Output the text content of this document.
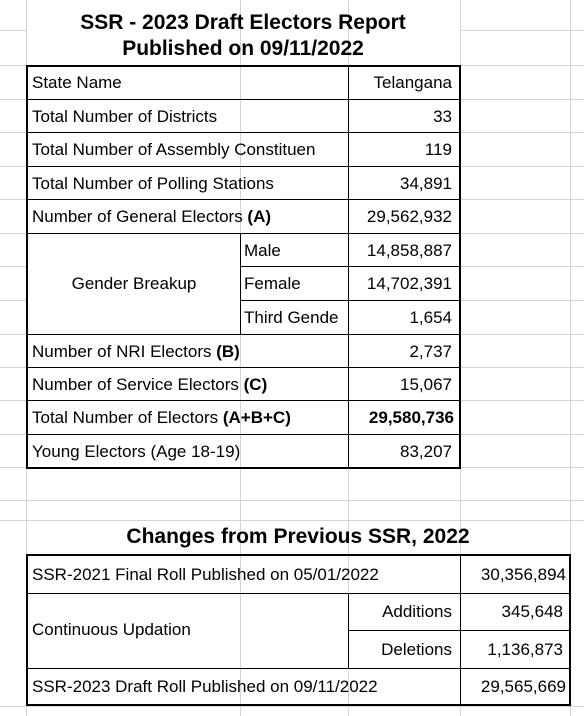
SSR - 2023 Draft Electors Report
Published on 09/11/2022
State Name	Telangana
Total Number of Districts	33
Total Number of Assembly Constituen	119
Total Number of Polling Stations	34,891
Number of General Electors (A)	29,562,932
Gender Breakup
Male	14,858,887
Female	14,702,391
Third Gende	1,654
Number of NRI Electors (B)	2,737
Number of Service Electors (C)	15,067
Total Number of Electors (A+B+C)	29,580,736
Young Electors (Age 18-19)	83,207
Changes from Previous SSR, 2022
SSR-2021 Final Roll Published on 05/01/2022	30,356,894
Continuous Updation
Additions	345,648
Deletions	1,136,873
SSR-2023 Draft Roll Published on 09/11/2022	29,565,669
